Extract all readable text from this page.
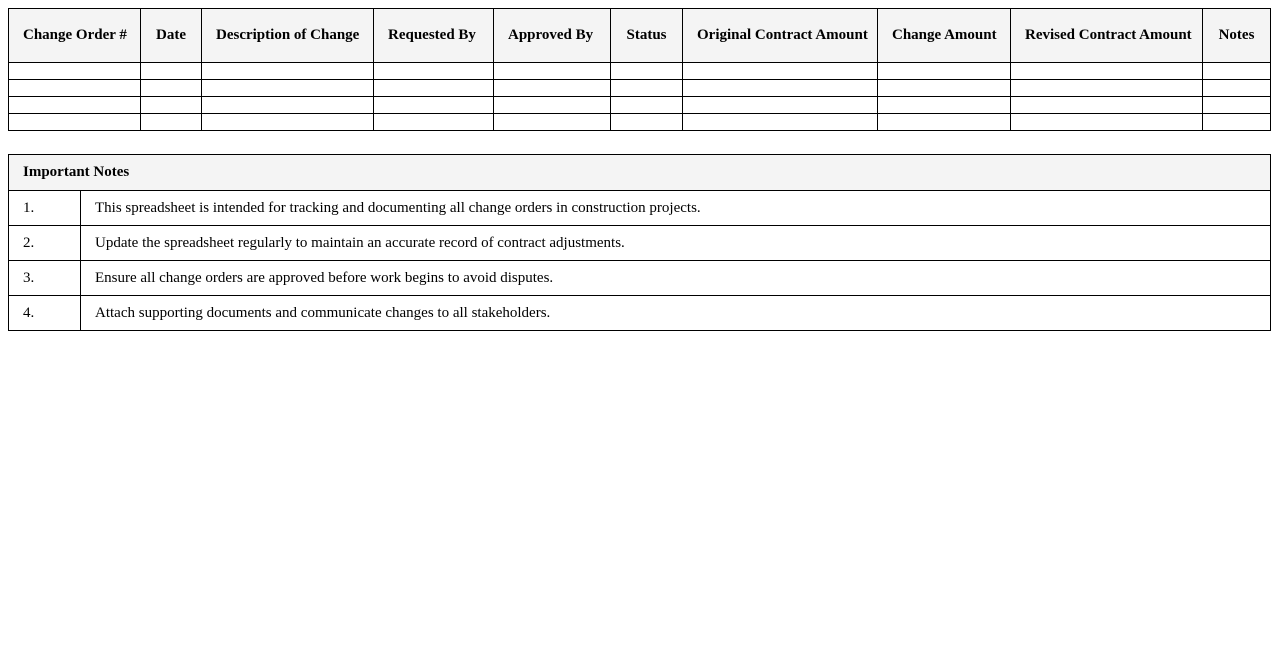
Change Order #	Date	Description of Change	Requested By	Approved By	Status	Original Contract Amount	Change Amount	Revised Contract Amount	Notes

Important Notes	
1.	This spreadsheet is intended for tracking and documenting all change orders in construction projects.
2.	Update the spreadsheet regularly to maintain an accurate record of contract adjustments.
3.	Ensure all change orders are approved before work begins to avoid disputes.
4.	Attach supporting documents and communicate changes to all stakeholders.
